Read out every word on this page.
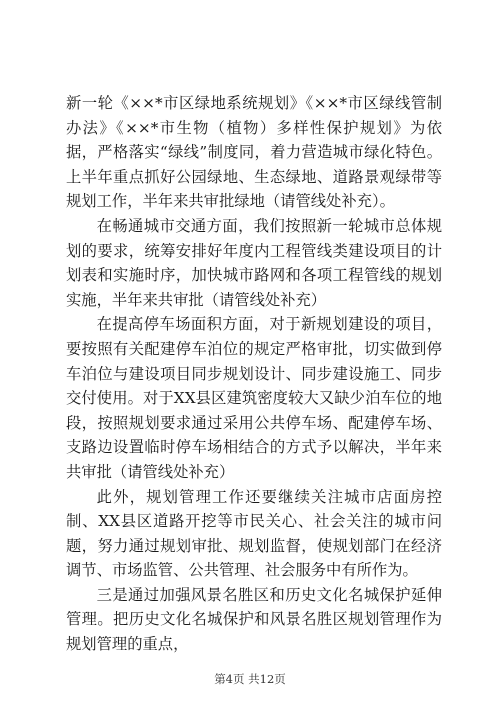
新一轮《××*市区绿地系统规划》《××*市区绿线管制办法》《××*市生物（植物）多样性保护规划》为依据，严格落实“绿线”制度同，着力营造城市绿化特色。上半年重点抓好公园绿地、生态绿地、道路景观绿带等规划工作，半年来共审批绿地（请管线处补充）。

在畅通城市交通方面，我们按照新一轮城市总体规划的要求，统筹安排好年度内工程管线类建设项目的计划表和实施时序，加快城市路网和各项工程管线的规划实施，半年来共审批（请管线处补充）

在提高停车场面积方面，对于新规划建设的项目，要按照有关配建停车泊位的规定严格审批，切实做到停车泊位与建设项目同步规划设计、同步建设施工、同步交付使用。对于XX县区建筑密度较大又缺少泊车位的地段，按照规划要求通过采用公共停车场、配建停车场、支路边设置临时停车场相结合的方式予以解决，半年来共审批（请管线处补充）

此外，规划管理工作还要继续关注城市店面房控制、XX县区道路开挖等市民关心、社会关注的城市问题，努力通过规划审批、规划监督，使规划部门在经济调节、市场监管、公共管理、社会服务中有所作为。

三是通过加强风景名胜区和历史文化名城保护延伸管理。把历史文化名城保护和风景名胜区规划管理作为规划管理的重点，

第4页 共12页
